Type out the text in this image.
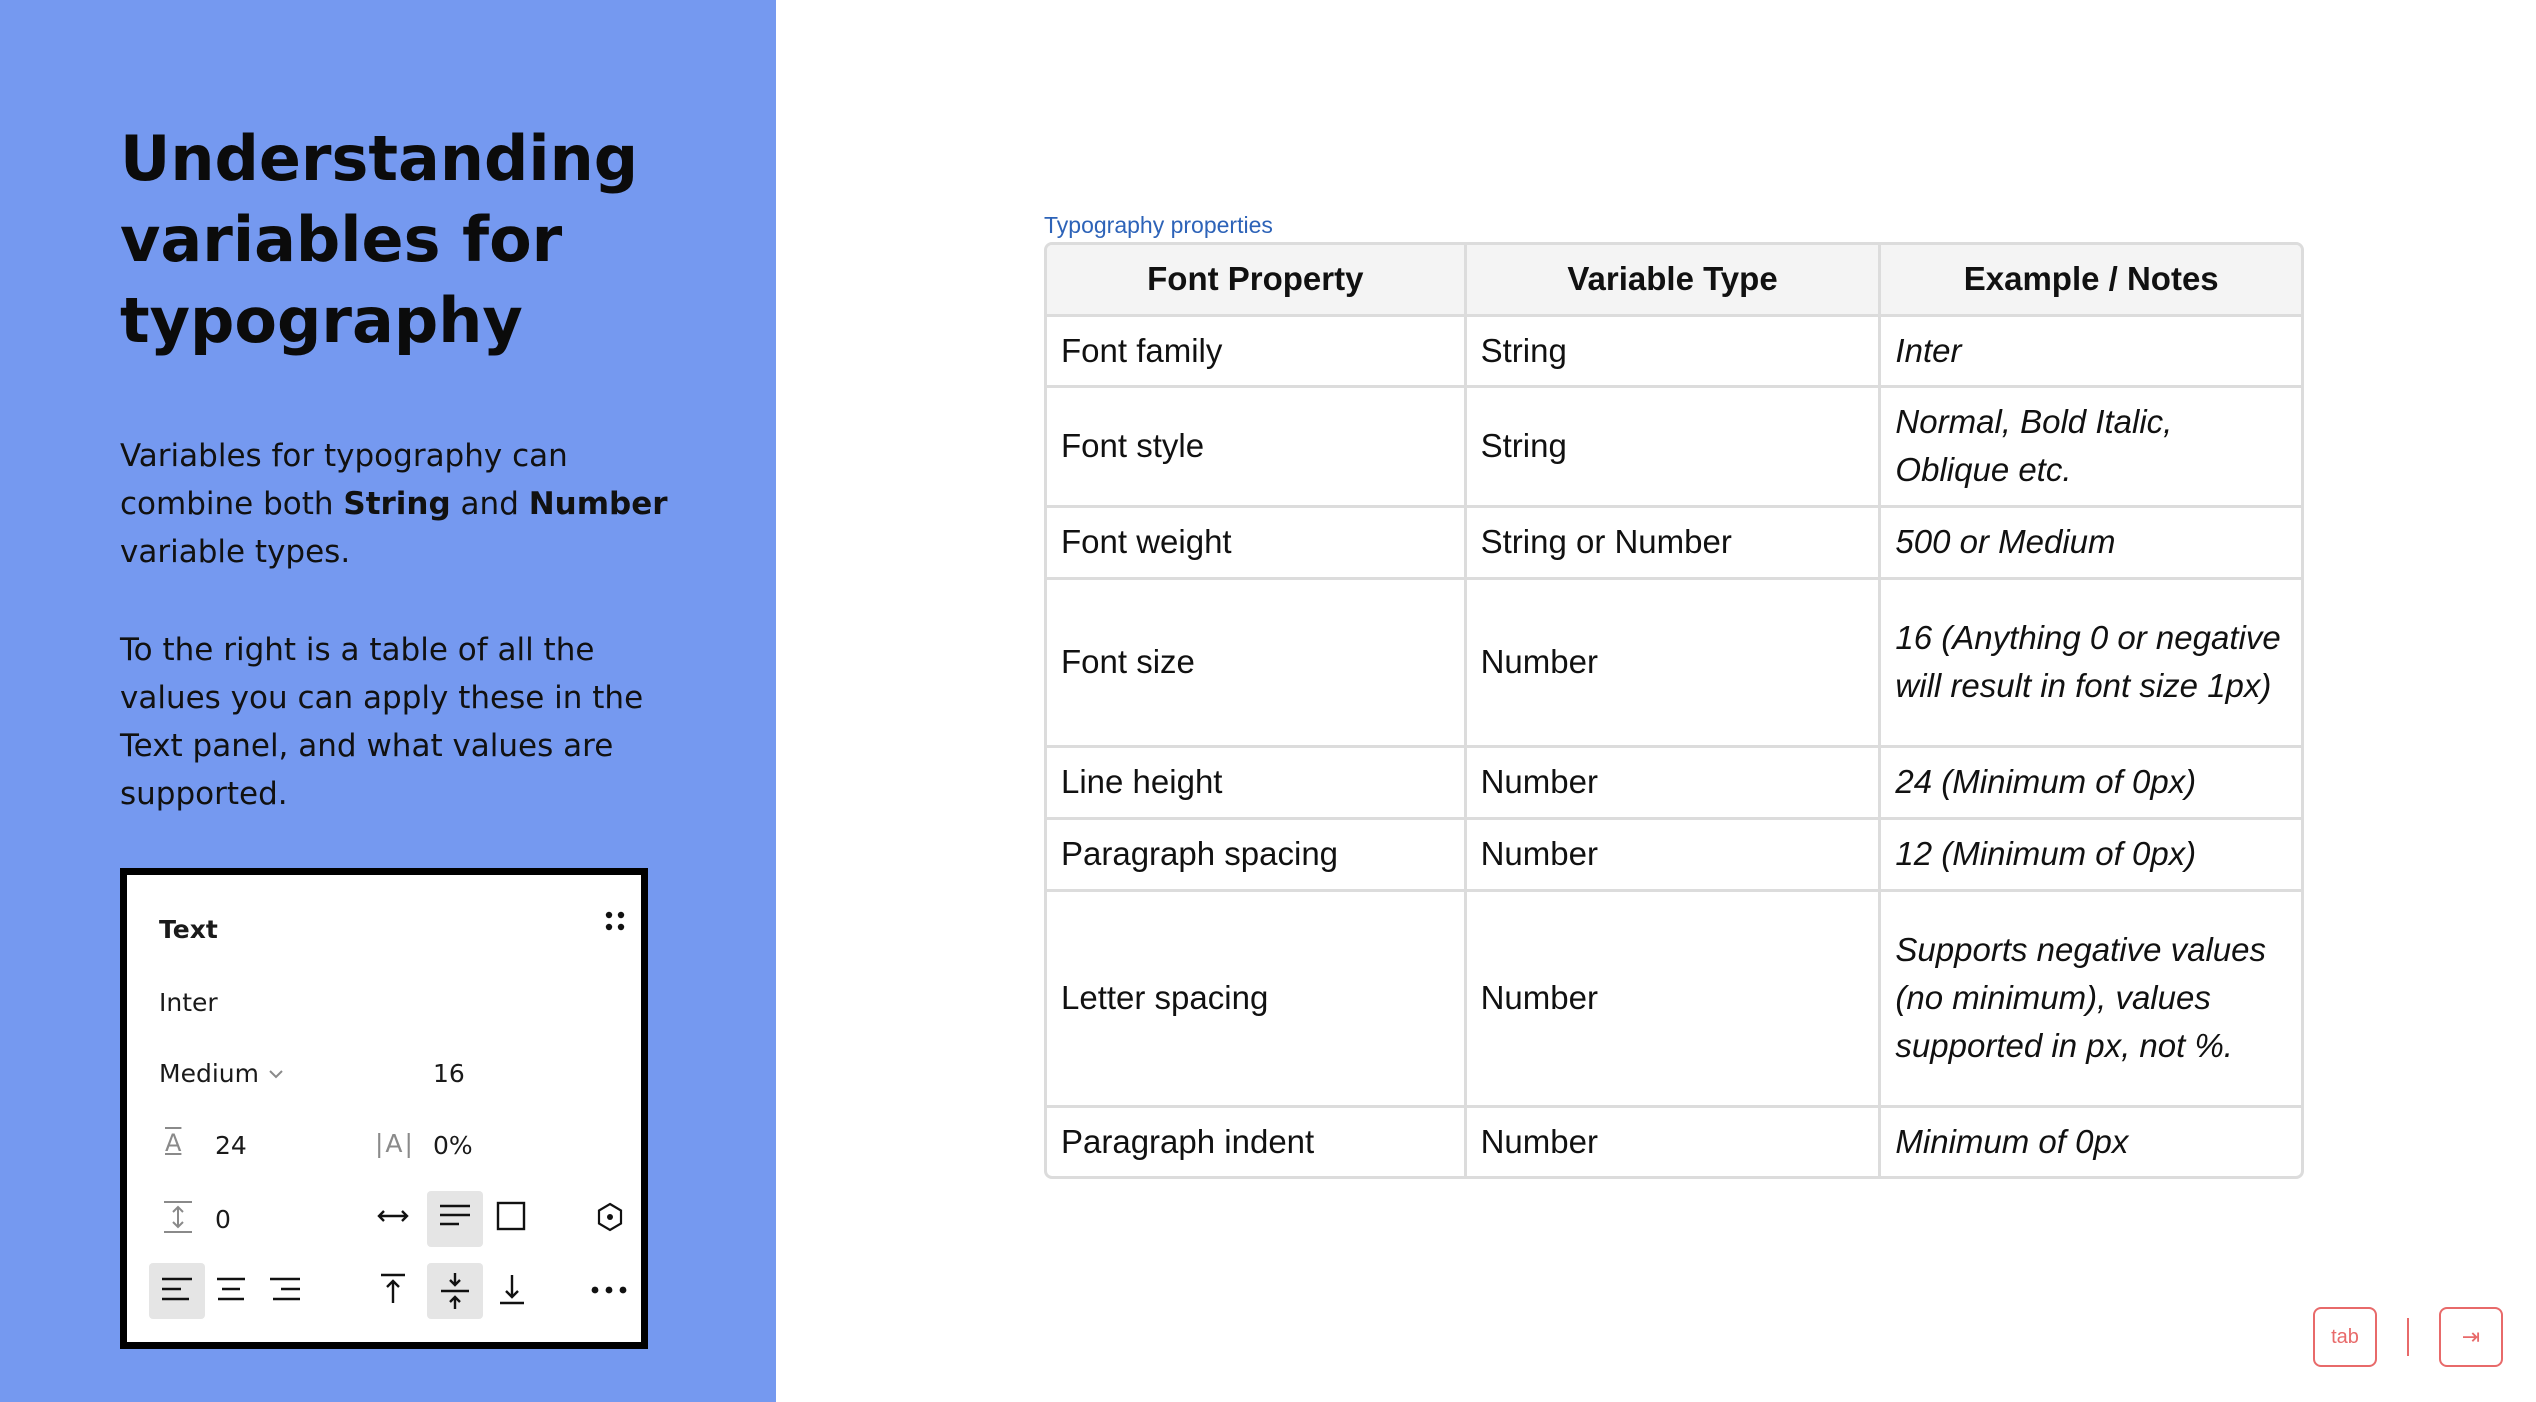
Understanding variables for typography

Variables for typography can combine both String and Number variable types.

To the right is a table of all the values you can apply these in the Text panel, and what values are supported.

Text
Inter
Medium	16
A 24	|A| 0%
0
Typography properties
Font Property	Variable Type	Example / Notes
Font family	String	Inter
Font style	String	Normal, Bold Italic, Oblique etc.
Font weight	String or Number	500 or Medium
Font size	Number	16 (Anything 0 or negative will result in font size 1px)
Line height	Number	24 (Minimum of 0px)
Paragraph spacing	Number	12 (Minimum of 0px)
Letter spacing	Number	Supports negative values (no minimum), values supported in px, not %.
Paragraph indent	Number	Minimum of 0px
tab	⇥
